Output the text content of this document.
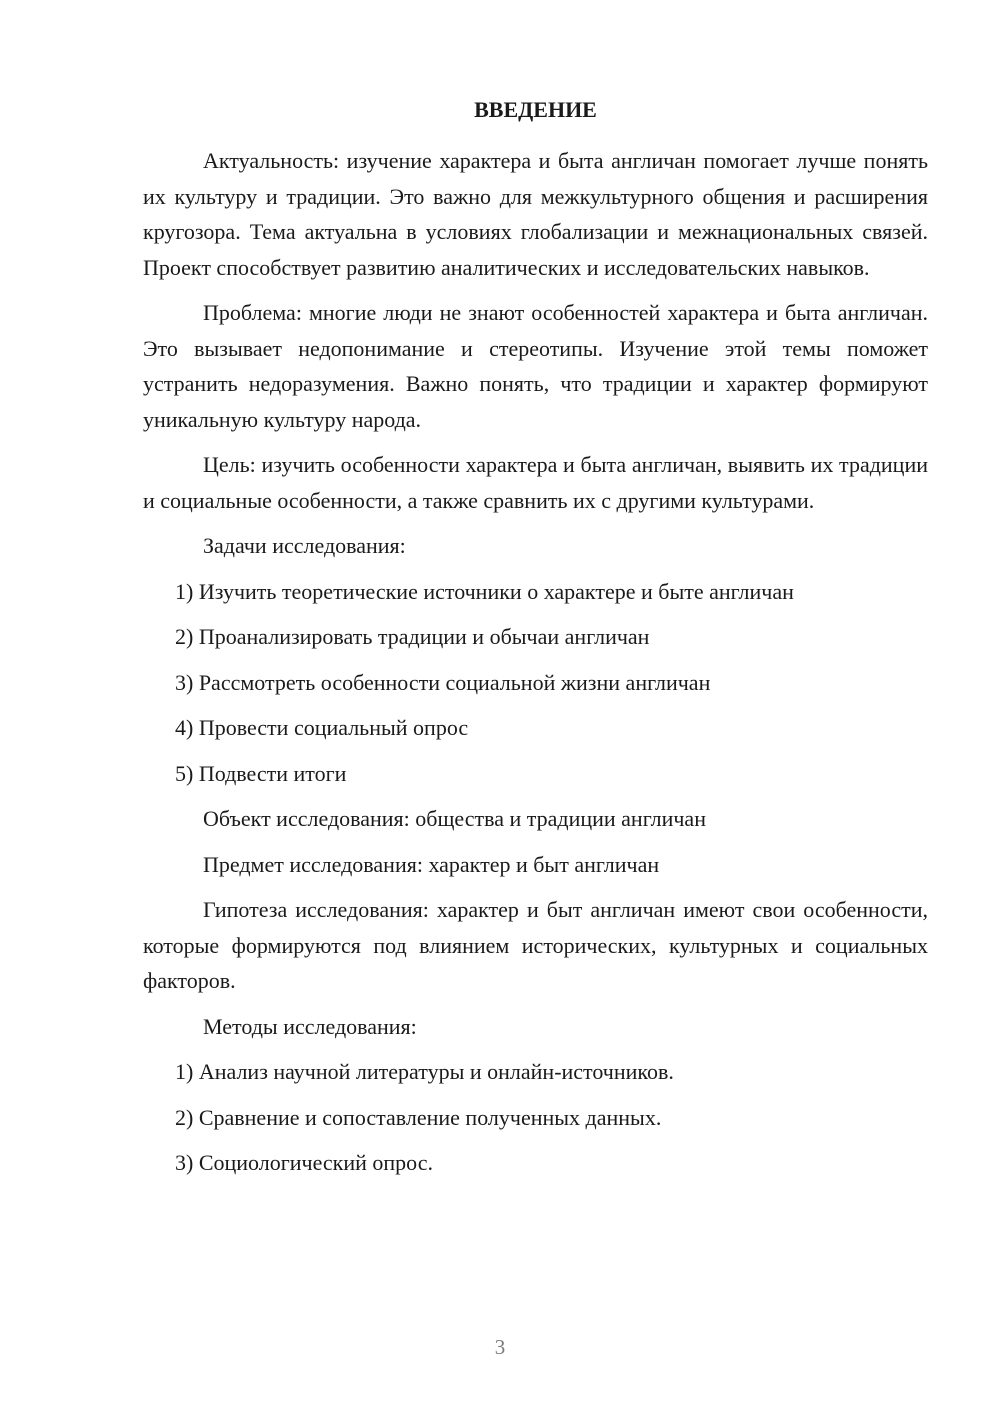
ВВЕДЕНИЕ

Актуальность: изучение характера и быта англичан помогает лучше понять их культуру и традиции. Это важно для межкультурного общения и расширения кругозора. Тема актуальна в условиях глобализации и межнациональных связей. Проект способствует развитию аналитических и исследовательских навыков.

Проблема: многие люди не знают особенностей характера и быта англичан. Это вызывает недопонимание и стереотипы. Изучение этой темы поможет устранить недоразумения. Важно понять, что традиции и характер формируют уникальную культуру народа.

Цель: изучить особенности характера и быта англичан, выявить их традиции и социальные особенности, а также сравнить их с другими культурами.

Задачи исследования:
1) Изучить теоретические источники о характере и быте англичан
2) Проанализировать традиции и обычаи англичан
3) Рассмотреть особенности социальной жизни англичан
4) Провести социальный опрос
5) Подвести итоги
Объект исследования: общества и традиции англичан
Предмет исследования: характер и быт англичан

Гипотеза исследования: характер и быт англичан имеют свои особенности, которые формируются под влиянием исторических, культурных и социальных факторов.

Методы исследования:
1) Анализ научной литературы и онлайн-источников.
2) Сравнение и сопоставление полученных данных.
3) Социологический опрос.
3
